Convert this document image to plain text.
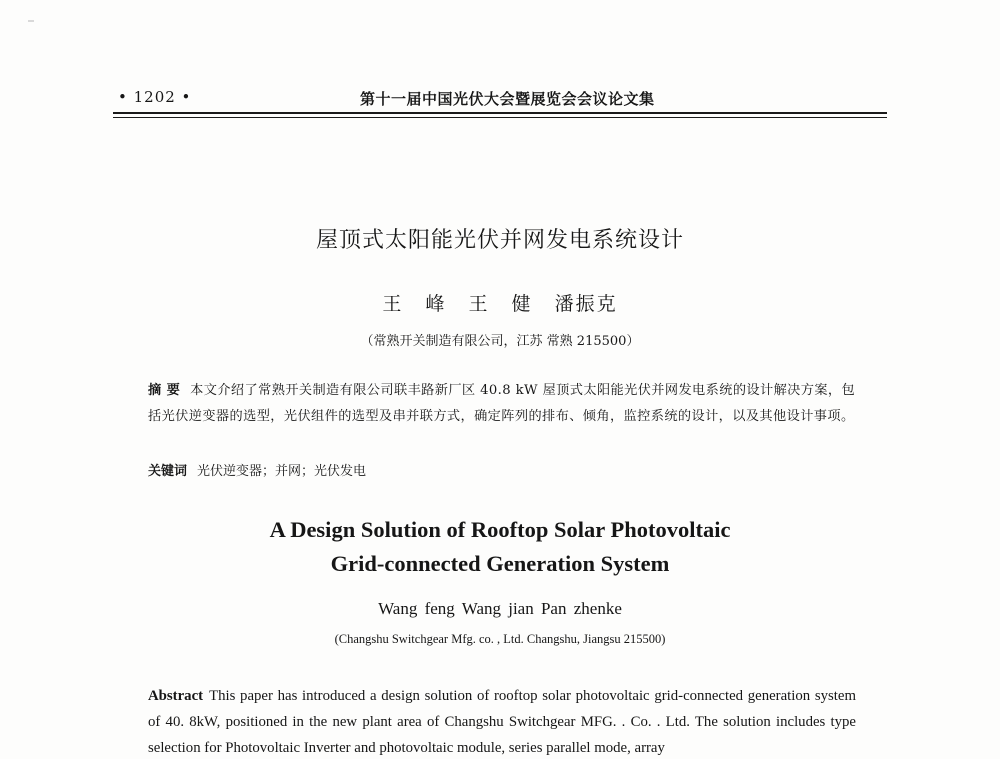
• 1202 •	第十一届中国光伏大会暨展览会会议论文集
屋顶式太阳能光伏并网发电系统设计
王 峰 王 健 潘振克
（常熟开关制造有限公司，江苏 常熟 215500）
摘 要 本文介绍了常熟开关制造有限公司联丰路新厂区 40.8 kW 屋顶式太阳能光伏并网发电系统的设计解决方案，包括光伏逆变器的选型，光伏组件的选型及串并联方式，确定阵列的排布、倾角，监控系统的设计，以及其他设计事项。
关键词 光伏逆变器；并网；光伏发电
A Design Solution of Rooftop Solar Photovoltaic
Grid-connected Generation System
Wang feng Wang jian Pan zhenke
(Changshu Switchgear Mfg. co. , Ltd. Changshu, Jiangsu 215500)
Abstract This paper has introduced a design solution of rooftop solar photovoltaic grid-connected generation system of 40. 8kW, positioned in the new plant area of Changshu Switchgear MFG. . Co. . Ltd. The solution includes type selection for Photovoltaic Inverter and photovoltaic module, series parallel mode, array
